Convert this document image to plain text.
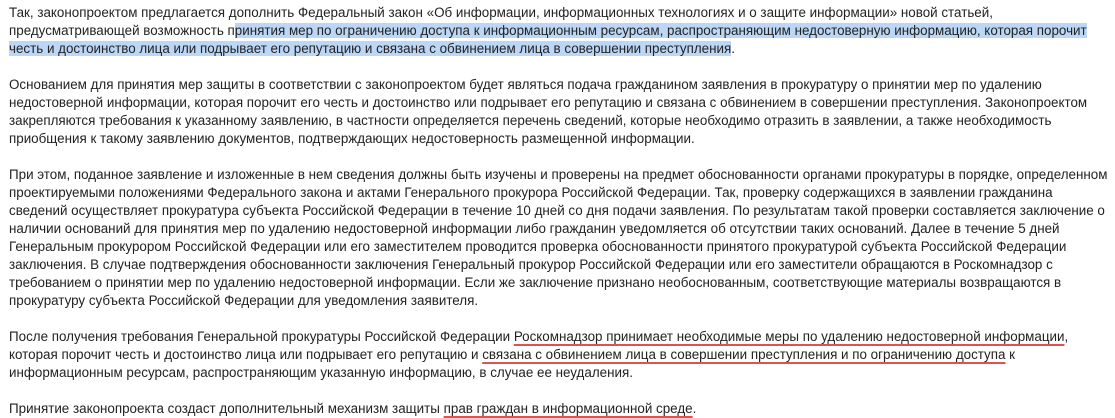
Так, законопроектом предлагается дополнить Федеральный закон «Об информации, информационных технологиях и о защите информации» новой статьей, предусматривающей возможность принятия мер по ограничению доступа к информационным ресурсам, распространяющим недостоверную информацию, которая порочит честь и достоинство лица или подрывает его репутацию и связана с обвинением лица в совершении преступления.

Основанием для принятия мер защиты в соответствии с законопроектом будет являться подача гражданином заявления в прокуратуру о принятии мер по удалению недостоверной информации, которая порочит его честь и достоинство или подрывает его репутацию и связана с обвинением в совершении преступления. Законопроектом закрепляются требования к указанному заявлению, в частности определяется перечень сведений, которые необходимо отразить в заявлении, а также необходимость приобщения к такому заявлению документов, подтверждающих недостоверность размещенной информации.

При этом, поданное заявление и изложенные в нем сведения должны быть изучены и проверены на предмет обоснованности органами прокуратуры в порядке, определенном проектируемыми положениями Федерального закона и актами Генерального прокурора Российской Федерации. Так, проверку содержащихся в заявлении гражданина сведений осуществляет прокуратура субъекта Российской Федерации в течение 10 дней со дня подачи заявления. По результатам такой проверки составляется заключение о наличии оснований для принятия мер по удалению недостоверной информации либо гражданин уведомляется об отсутствии таких оснований. Далее в течение 5 дней Генеральным прокурором Российской Федерации или его заместителем проводится проверка обоснованности принятого прокуратурой субъекта Российской Федерации заключения. В случае подтверждения обоснованности заключения Генеральный прокурор Российской Федерации или его заместители обращаются в Роскомнадзор с требованием о принятии мер по удалению недостоверной информации. Если же заключение признано необоснованным, соответствующие материалы возвращаются в прокуратуру субъекта Российской Федерации для уведомления заявителя.

После получения требования Генеральной прокуратуры Российской Федерации Роскомнадзор принимает необходимые меры по удалению недостоверной информации, которая порочит честь и достоинство лица или подрывает его репутацию и связана с обвинением лица в совершении преступления и по ограничению доступа к информационным ресурсам, распространяющим указанную информацию, в случае ее неудаления.

Принятие законопроекта создаст дополнительный механизм защиты прав граждан в информационной среде.
